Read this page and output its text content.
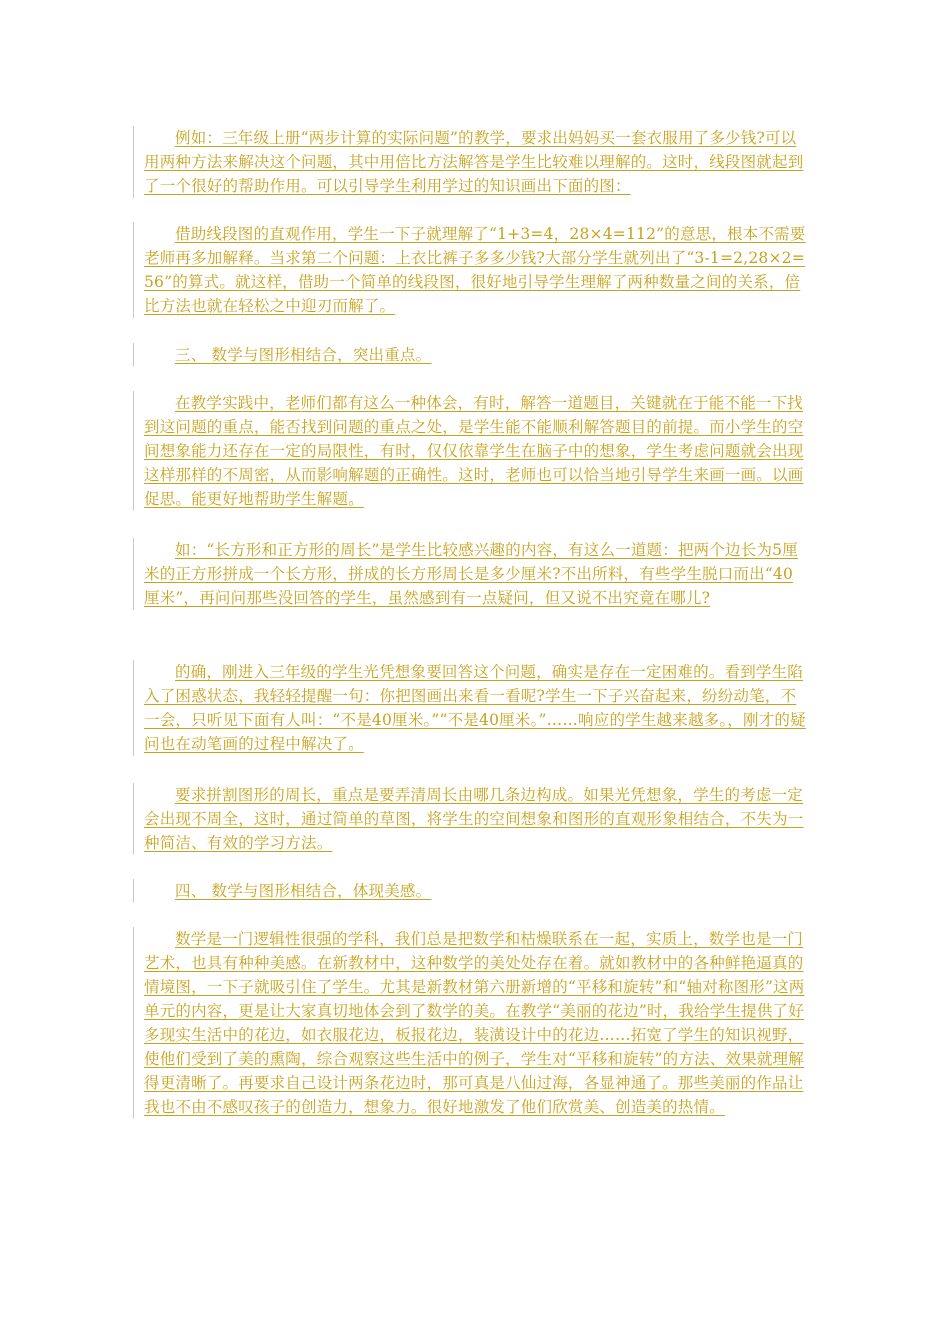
例如：三年级上册“两步计算的实际问题”的教学，要求出妈妈买一套衣服用了多少钱?可以用两种方法来解决这个问题，其中用倍比方法解答是学生比较难以理解的。这时，线段图就起到了一个很好的帮助作用。可以引导学生利用学过的知识画出下面的图：

借助线段图的直观作用，学生一下子就理解了“1+3=4，28×4=112”的意思，根本不需要老师再多加解释。当求第二个问题：上衣比裤子多多少钱?大部分学生就列出了“3-1=2,28×2=56”的算式。就这样，借助一个简单的线段图，很好地引导学生理解了两种数量之间的关系，倍比方法也就在轻松之中迎刃而解了。

三、 数学与图形相结合，突出重点。

在教学实践中，老师们都有这么一种体会，有时，解答一道题目，关键就在于能不能一下找到这问题的重点，能否找到问题的重点之处，是学生能不能顺利解答题目的前提。而小学生的空间想象能力还存在一定的局限性，有时，仅仅依靠学生在脑子中的想象，学生考虑问题就会出现这样那样的不周密，从而影响解题的正确性。这时，老师也可以恰当地引导学生来画一画。以画促思。能更好地帮助学生解题。

如：“长方形和正方形的周长”是学生比较感兴趣的内容，有这么一道题：把两个边长为5厘米的正方形拼成一个长方形，拼成的长方形周长是多少厘米?不出所料，有些学生脱口而出“40厘米”，再问问那些没回答的学生，虽然感到有一点疑问，但又说不出究竟在哪儿?

的确，刚进入三年级的学生光凭想象要回答这个问题，确实是存在一定困难的。看到学生陷入了困惑状态，我轻轻提醒一句：你把图画出来看一看呢?学生一下子兴奋起来，纷纷动笔，不一会，只听见下面有人叫：“不是40厘米。”“不是40厘米。”……响应的学生越来越多。，刚才的疑问也在动笔画的过程中解决了。

要求拼割图形的周长，重点是要弄清周长由哪几条边构成。如果光凭想象，学生的考虑一定会出现不周全，这时，通过简单的草图，将学生的空间想象和图形的直观形象相结合，不失为一种简洁、有效的学习方法。

四、 数学与图形相结合，体现美感。

数学是一门逻辑性很强的学科，我们总是把数学和枯燥联系在一起，实质上，数学也是一门艺术，也具有种种美感。在新教材中，这种数学的美处处存在着。就如教材中的各种鲜艳逼真的情境图，一下子就吸引住了学生。尤其是新教材第六册新增的“平移和旋转”和“轴对称图形”这两单元的内容，更是让大家真切地体会到了数学的美。在教学“美丽的花边”时，我给学生提供了好多现实生活中的花边，如衣服花边，板报花边，装潢设计中的花边……拓宽了学生的知识视野，使他们受到了美的熏陶，综合观察这些生活中的例子，学生对“平移和旋转”的方法、效果就理解得更清晰了。再要求自己设计两条花边时，那可真是八仙过海，各显神通了。那些美丽的作品让我也不由不感叹孩子的创造力，想象力。很好地激发了他们欣赏美、创造美的热情。
